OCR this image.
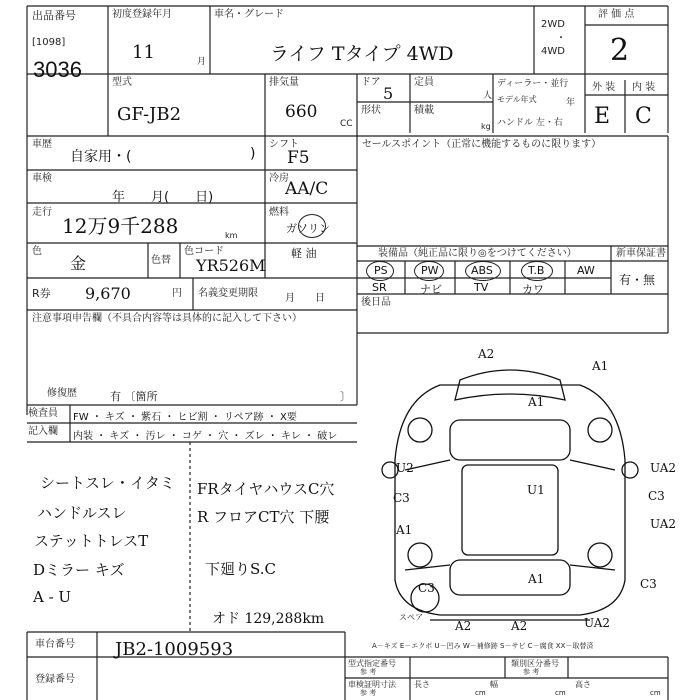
出品番号
[1098]
3036
初度登録年月
11	月
車名・グレード
ライフ Tタイプ 4WD
2WD
・
4WD
評 価 点
2
型式
GF-JB2
排気量
660
CC
ドア
5
定員
人
形状	積載
kg
ディーラー・並行
モデル年式	年
ハンドル 左・右
外 装 内 装
E C
車歴
自家用・(	)
シフト
F5
セールスポイント（正常に機能するものに限ります）
車検
年　　月(　　日)
冷房
AA/C
走行
12万9千288	km
燃料
ガソリン
軽 油
色
金	色替
色コード
YR526M
R券 9,670	円 名義変更期限	月　　日
装備品（純正品に限り◎をつけてください）	新車保証書
有・無
PS	PW	ABS	T.B	AW
SR	ナビ	TV	カワ
後日品
注意事項申告欄（不具合内容等は具体的に記入して下さい）
修復歴	有 〔箇所	〕
検査員
記入欄
FW ・ キズ ・ 紫石 ・ ヒビ割 ・ リペア跡 ・ X要
内装 ・ キズ ・ 汚レ ・ コゲ ・ 穴 ・ ズレ ・ キレ ・ 破レ
シートスレ・イタミ
ハンドルスレ
ステットトレスT
Dミラー キズ
A - U
FRタイヤハウスC穴
R フロアCT穴 下腰
下廻りS.C
オド 129,288km
A2
A1
A1
U2	UA2
C3	C3
U1
A1	UA2
C3	C3
A1
A2	A2	UA2
スペア
A－キズ E－エクボ U－凹み W－補修跡 S－サビ C－腐食 XX－取替済
車台番号 JB2-1009593
登録番号
型式指定番号
参 考
類別区分番号
参 考
車検証明寸法
参 考
長さ
cm
幅
cm
高さ
cm
